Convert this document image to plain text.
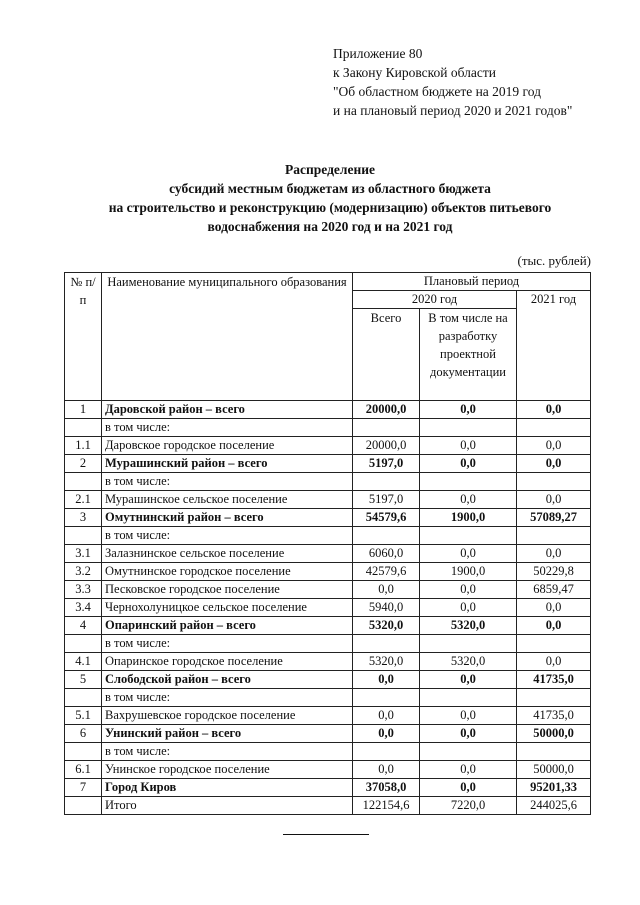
Приложение 80
к Закону Кировской области
"Об областном бюджете на 2019 год
и на плановый период 2020 и 2021 годов"
Распределение
субсидий местным бюджетам из областного бюджета
на строительство и реконструкцию (модернизацию) объектов питьевого
водоснабжения на 2020 год и на 2021 год
(тыс. рублей)
№ п/п	Наименование муниципального образования	Плановый период		
		2020 год		2021 год
		Всего	В том числе на разработку проектной документации	
1	Даровской район – всего	20000,0	0,0	0,0
	в том числе:			
1.1	Даровское городское поселение	20000,0	0,0	0,0
2	Мурашинский район – всего	5197,0	0,0	0,0
	в том числе:			
2.1	Мурашинское сельское поселение	5197,0	0,0	0,0
3	Омутнинский район – всего	54579,6	1900,0	57089,27
	в том числе:			
3.1	Залазнинское сельское поселение	6060,0	0,0	0,0
3.2	Омутнинское городское поселение	42579,6	1900,0	50229,8
3.3	Песковское городское поселение	0,0	0,0	6859,47
3.4	Чернохолуницкое сельское поселение	5940,0	0,0	0,0
4	Опаринский район – всего	5320,0	5320,0	0,0
	в том числе:			
4.1	Опаринское городское поселение	5320,0	5320,0	0,0
5	Слободской район – всего	0,0	0,0	41735,0
	в том числе:			
5.1	Вахрушевское городское поселение	0,0	0,0	41735,0
6	Унинский район – всего	0,0	0,0	50000,0
	в том числе:			
6.1	Унинское городское поселение	0,0	0,0	50000,0
7	Город Киров	37058,0	0,0	95201,33
	Итого	122154,6	7220,0	244025,6
